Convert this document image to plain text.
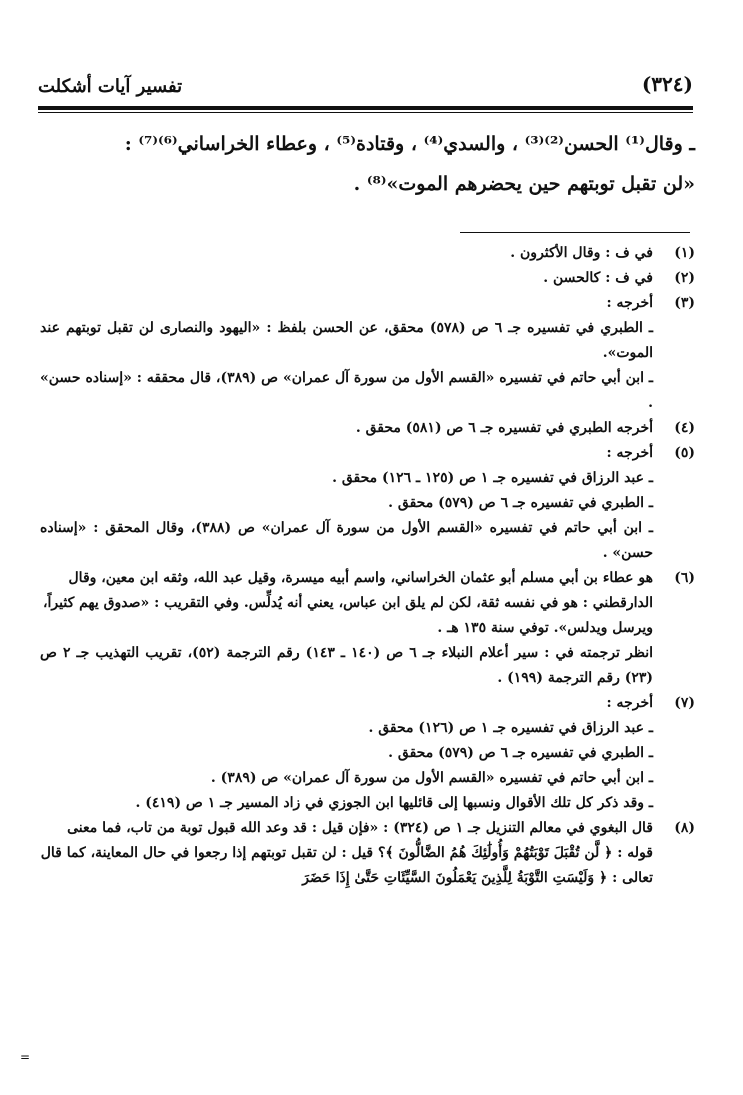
(٣٢٤)
تفسير آيات أشكلت

ـ وقال⁽¹⁾ الحسن⁽²⁾⁽³⁾ ، والسدي⁽⁴⁾ ، وقتادة⁽⁵⁾ ، وعطاء الخراساني⁽⁶⁾⁽⁷⁾ :

«لن تقبل توبتهم حين يحضرهم الموت»⁽⁸⁾ .

(١)
في ف : وقال الأكثرون .
(٢)
في ف : كالحسن .
(٣)
أخرجه :
ـ الطبري في تفسيره جـ ٦ ص (٥٧٨) محقق، عن الحسن بلفظ : «اليهود والنصارى لن تقبل توبتهم عند الموت».
ـ ابن أبي حاتم في تفسيره «القسم الأول من سورة آل عمران» ص (٣٨٩)، قال محققه : «إسناده حسن» .
(٤)
أخرجه الطبري في تفسيره جـ ٦ ص (٥٨١) محقق .
(٥)
أخرجه :
ـ عبد الرزاق في تفسيره جـ ١ ص (١٢٥ ـ ١٢٦) محقق .
ـ الطبري في تفسيره جـ ٦ ص (٥٧٩) محقق .
ـ ابن أبي حاتم في تفسيره «القسم الأول من سورة آل عمران» ص (٣٨٨)، وقال المحقق : «إسناده حسن» .
(٦)
هو عطاء بن أبي مسلم أبو عثمان الخراساني، واسم أبيه ميسرة، وقيل عبد الله، وثقه ابن معين، وقال الدارقطني : هو في نفسه ثقة، لكن لم يلق ابن عباس، يعني أنه يُدلِّس. وفي التقريب : «صدوق يهم كثيراً، ويرسل ويدلس». توفي سنة ١٣٥ هـ .
انظر ترجمته في : سير أعلام النبلاء جـ ٦ ص (١٤٠ ـ ١٤٣) رقم الترجمة (٥٢)، تقريب التهذيب جـ ٢ ص (٢٣) رقم الترجمة (١٩٩) .
(٧)
أخرجه :
ـ عبد الرزاق في تفسيره جـ ١ ص (١٢٦) محقق .
ـ الطبري في تفسيره جـ ٦ ص (٥٧٩) محقق .
ـ ابن أبي حاتم في تفسيره «القسم الأول من سورة آل عمران» ص (٣٨٩) .
ـ وقد ذكر كل تلك الأقوال ونسبها إلى قائليها ابن الجوزي في زاد المسير جـ ١ ص (٤١٩) .
(٨)
قال البغوي في معالم التنزيل جـ ١ ص (٣٢٤) : «فإن قيل : قد وعد الله قبول توبة من تاب، فما معنى قوله : ﴿ لَّن تُقْبَلَ تَوْبَتُهُمْ وَأُولَٰئِكَ هُمُ الضَّالُّونَ ﴾؟ قيل : لن تقبل توبتهم إذا رجعوا في حال المعاينة، كما قال تعالى : ﴿ وَلَيْسَتِ التَّوْبَةُ لِلَّذِينَ يَعْمَلُونَ السَّيِّئَاتِ حَتَّىٰ إِذَا حَضَرَ
=
